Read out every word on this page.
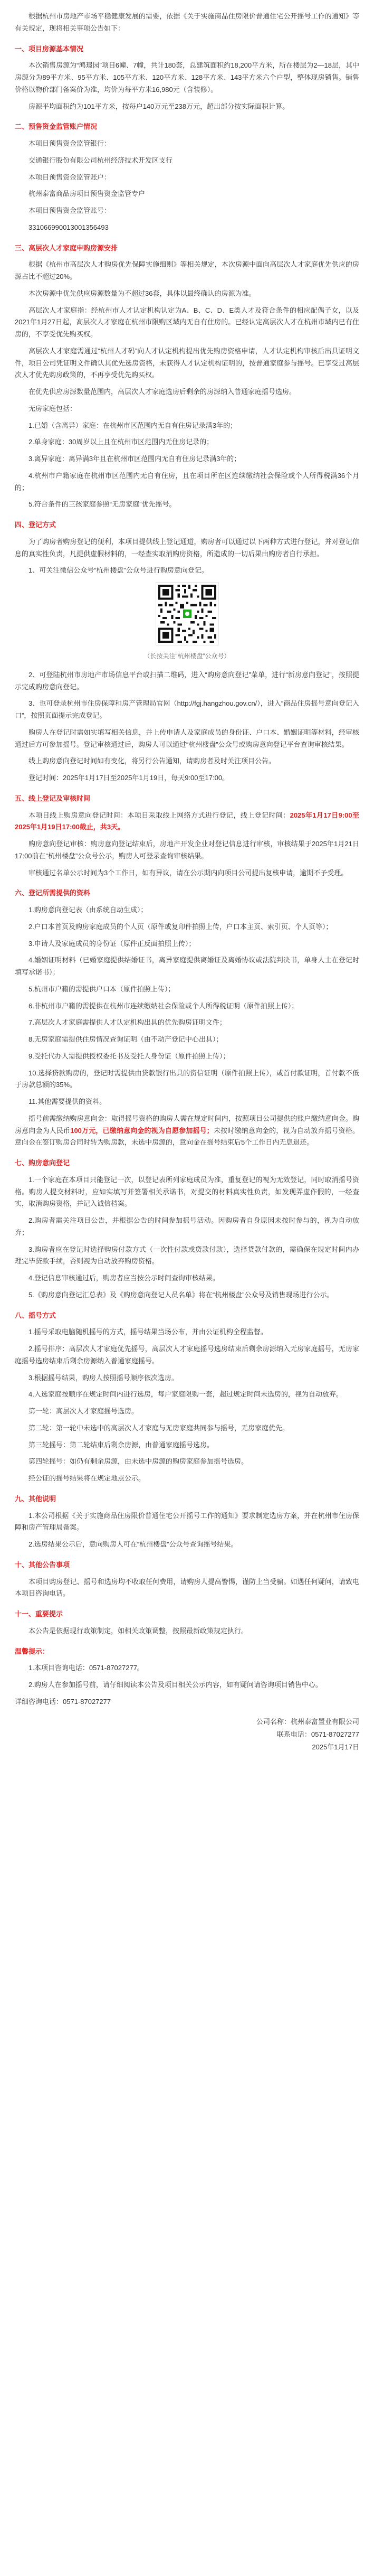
根据杭州市房地产市场平稳健康发展的需要，依据《关于实施商品住房限价普通住宅公开摇号工作的通知》等有关规定，现将相关事项公告如下：

一、项目房源基本情况

本次销售房源为“鸿璟园”项目6幢、7幢，共计180套，总建筑面积约18,200平方米，所在楼层为2—18层，其中房源分为89平方米、95平方米、105平方米、120平方米、128平方米、143平方米六个户型，整体现房销售。销售价格以物价部门备案价为准，均价为每平方米16,980元（含装修）。

房源平均面积约为101平方米，按每户140万元至238万元，超出部分按实际面积计算。

二、预售资金监管账户情况

本项目预售资金监管银行：

交通银行股份有限公司杭州经济技术开发区支行

本项目预售资金监管账户：

杭州泰富商品房项目预售资金监管专户

本项目预售资金监管账号：

331066990013001356493

三、高层次人才家庭申购房源安排

根据《杭州市高层次人才购房优先保障实施细则》等相关规定，本次房源中面向高层次人才家庭优先供应的房源占比不超过20%。

本次房源中优先供应房源数量为不超过36套，具体以最终确认的房源为准。

高层次人才家庭指：经杭州市人才认定机构认定为A、B、C、D、E类人才及符合条件的相应配偶子女，以及2021年1月27日起，高层次人才家庭在杭州市限购区域内无自有住房的。已经认定高层次人才在杭州市域内已有住房的，不享受优先购买权。

高层次人才家庭需通过“杭州人才码”向人才认定机构提出优先购房资格申请，人才认定机构审核后出具证明文件，项目公司凭证明文件确认其优先选房资格，未获得人才认定机构证明的，按普通家庭参与摇号。已享受过高层次人才优先购房政策的，不再享受优先购买权。

在优先供应房源数量范围内，高层次人才家庭选房后剩余的房源纳入普通家庭摇号选房。

无房家庭包括：

1.已婚（含离异）家庭：在杭州市区范围内无自有住房记录满3年的；

2.单身家庭：30周岁以上且在杭州市区范围内无住房记录的；

3.离异家庭：离异满3年且在杭州市区范围内无自有住房记录满3年的；

4.杭州市户籍家庭在杭州市区范围内无自有住房，且在项目所在区连续缴纳社会保险或个人所得税满36个月的；

5.符合条件的三孩家庭参照“无房家庭”优先摇号。

四、登记方式

为了购房者购房登记的便利，本项目提供线上登记通道，购房者可以通过以下两种方式进行登记，并对登记信息的真实性负责，凡提供虚假材料的，一经查实取消购房资格，所造成的一切后果由购房者自行承担。

1、可关注微信公众号“杭州楼盘”公众号进行购房意向登记。

（长按关注“杭州楼盘”公众号）

2、可登陆杭州市房地产市场信息平台或扫描二维码，进入“购房意向登记”菜单，进行“新房意向登记”，按照提示完成购房意向登记。

3、也可登录杭州市住房保障和房产管理局官网（http://fgj.hangzhou.gov.cn/），进入“商品住房摇号意向登记入口”，按照页面提示完成登记。

购房人在登记时需如实填写相关信息，并上传申请人及家庭成员的身份证、户口本、婚姻证明等材料，经审核通过后方可参加摇号。登记审核通过后，购房人可以通过“杭州楼盘”公众号或购房意向登记平台查询审核结果。

线上购房意向登记时间如有变化，将另行公告通知，请购房者及时关注项目公告。

登记时间：2025年1月17日至2025年1月19日，每天9:00至17:00。

五、线上登记及审核时间

本项目线上购房意向登记时间：本项目采取线上网络方式进行登记，线上登记时间：2025年1月17日9:00至2025年1月19日17:00截止，共3天。

购房意向登记审核：购房意向登记结束后，房地产开发企业对登记信息进行审核，审核结果于2025年1月21日17:00前在“杭州楼盘”公众号公示，购房人可登录查询审核结果。

审核通过名单公示时间为3个工作日，如有异议，请在公示期内向项目公司提出复核申请，逾期不予受理。

六、登记所需提供的资料

1.购房意向登记表（由系统自动生成）；

2.户口本首页及购房家庭成员的个人页（原件或复印件拍照上传，户口本主页、索引页、个人页等）；

3.申请人及家庭成员的身份证（原件正反面拍照上传）；

4.婚姻证明材料（已婚家庭提供结婚证书，离异家庭提供离婚证及离婚协议或法院判决书，单身人士在登记时填写承诺书）；

5.杭州市户籍的需提供户口本（原件拍照上传）；

6.非杭州市户籍的需提供在杭州市连续缴纳社会保险或个人所得税证明（原件拍照上传）；

7.高层次人才家庭需提供人才认定机构出具的优先购房证明文件；

8.无房家庭需提供住房情况查询证明（由不动产登记中心出具）；

9.受托代办人需提供授权委托书及受托人身份证（原件拍照上传）；

10.选择贷款购房的，登记时需提供由贷款银行出具的资信证明（原件拍照上传），或首付款证明，首付款不低于房款总额的35%。

11.其他需要提供的资料。

摇号前需缴纳购房意向金：取得摇号资格的购房人需在规定时间内，按照项目公司提供的账户缴纳意向金。购房意向金为人民币100万元，已缴纳意向金的视为自愿参加摇号；未按时缴纳意向金的，视为自动放弃摇号资格。意向金在签订购房合同时转为购房款，未选中房源的，意向金在摇号结束后5个工作日内无息退还。

七、购房意向登记

1.一个家庭在本项目只能登记一次，以登记表所列家庭成员为准，重复登记的视为无效登记，同时取消摇号资格。购房人提交材料时，应如实填写并签署相关承诺书，对提交的材料真实性负责，如发现弄虚作假的，一经查实，取消购房资格，并记入诚信档案。

2.购房者需关注项目公告，并根据公告的时间参加摇号活动。因购房者自身原因未按时参与的，视为自动放弃；

3.购房者应在登记时选择购房付款方式（一次性付款或贷款付款），选择贷款付款的，需确保在规定时间内办理完毕贷款手续，否则视为自动放弃购房资格。

4.登记信息审核通过后，购房者应当按公示时间查询审核结果。

5.《购房意向登记汇总表》及《购房意向登记人员名单》将在“杭州楼盘”公众号及销售现场进行公示。

八、摇号方式

1.摇号采取电脑随机摇号的方式，摇号结果当场公布，并由公证机构全程监督。

2.摇号排序：高层次人才家庭优先摇号，高层次人才家庭摇号选房结束后剩余房源纳入无房家庭摇号，无房家庭摇号选房结束后剩余房源纳入普通家庭摇号。

3.根据摇号结果，购房人按照摇号顺序依次选房。

4.入选家庭按顺序在规定时间内进行选房，每户家庭限购一套，超过规定时间未选房的，视为自动放弃。

第一轮：高层次人才家庭摇号选房。

第二轮：第一轮中未选中的高层次人才家庭与无房家庭共同参与摇号，无房家庭优先。

第三轮摇号：第二轮结束后剩余房源，由普通家庭摇号选房。

第四轮摇号：如仍有剩余房源，由未选中房源的购房家庭参加摇号选房。

经公证的摇号结果将在规定地点公示。

九、其他说明

1.本公司根据《关于实施商品住房限价普通住宅公开摇号工作的通知》要求制定选房方案，并在杭州市住房保障和房产管理局备案。

2.选房结果公示后，意向购房人可在“杭州楼盘”公众号查询摇号结果。

十、其他公告事项

本项目购房登记、摇号和选房均不收取任何费用，请购房人提高警惕，谨防上当受骗。如遇任何疑问，请致电本项目咨询电话。

十一、重要提示

本公告是依据现行政策制定，如相关政策调整，按照最新政策规定执行。

温馨提示：

1.本项目咨询电话：0571-87027277。

2.购房人在参加摇号前，请仔细阅读本公告及项目相关公示内容，如有疑问请咨询项目销售中心。

详细咨询电话：0571-87027277

公司名称：杭州泰富置业有限公司
联系电话：0571-87027277
2025年1月17日
